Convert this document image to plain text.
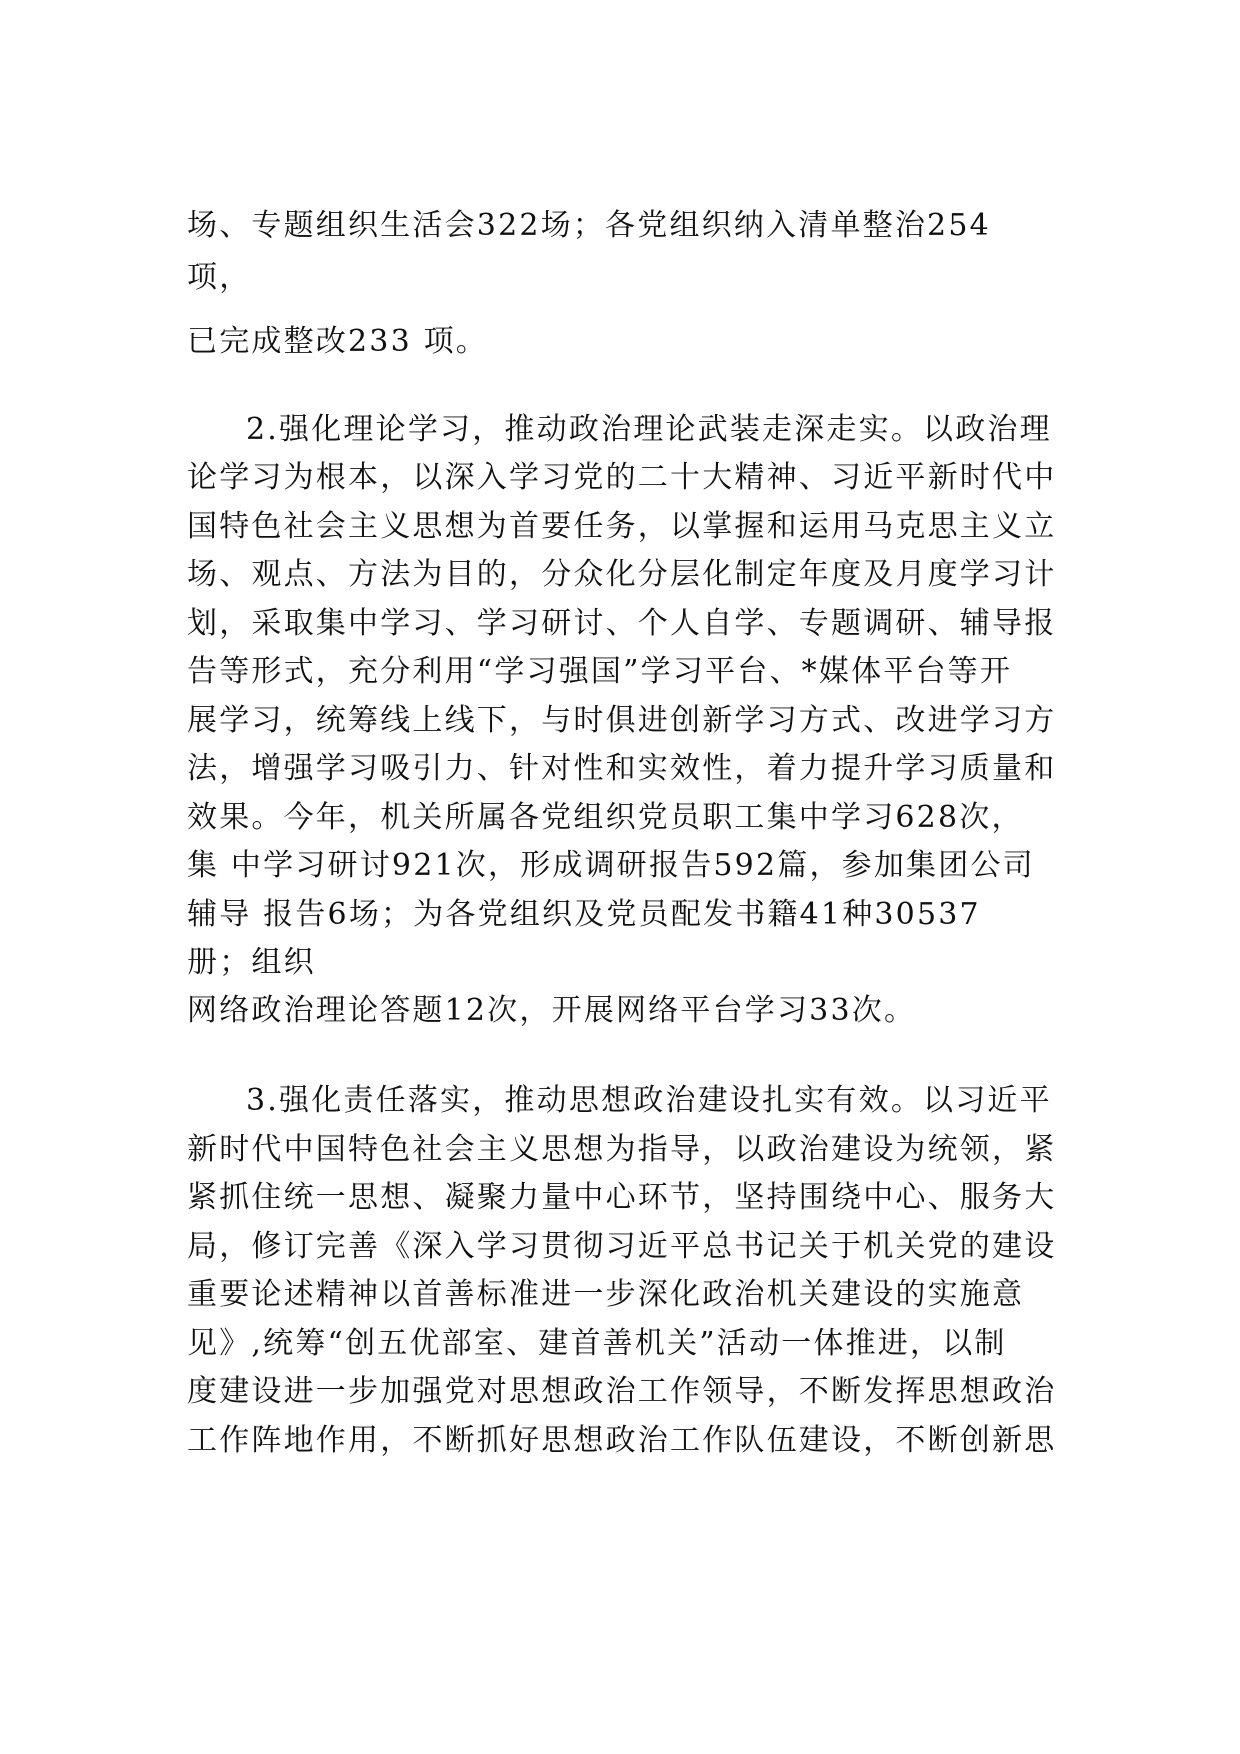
场、专题组织生活会322场；各党组织纳入清单整治254
项，
已完成整改233 项。
2.强化理论学习，推动政治理论武装走深走实。以政治理
论学习为根本，以深入学习党的二十大精神、习近平新时代中
国特色社会主义思想为首要任务，以掌握和运用马克思主义立
场、观点、方法为目的，分众化分层化制定年度及月度学习计
划，采取集中学习、学习研讨、个人自学、专题调研、辅导报
告等形式，充分利用“学习强国”学习平台、*媒体平台等开
展学习，统筹线上线下，与时俱进创新学习方式、改进学习方
法，增强学习吸引力、针对性和实效性，着力提升学习质量和
效果。今年，机关所属各党组织党员职工集中学习628次，
集 中学习研讨921次，形成调研报告592篇，参加集团公司
辅导 报告6场；为各党组织及党员配发书籍41种30537
册；组织
网络政治理论答题12次，开展网络平台学习33次。
3.强化责任落实，推动思想政治建设扎实有效。以习近平
新时代中国特色社会主义思想为指导，以政治建设为统领，紧
紧抓住统一思想、凝聚力量中心环节，坚持围绕中心、服务大
局，修订完善《深入学习贯彻习近平总书记关于机关党的建设
重要论述精神以首善标准进一步深化政治机关建设的实施意
见》,统筹“创五优部室、建首善机关”活动一体推进，以制
度建设进一步加强党对思想政治工作领导，不断发挥思想政治
工作阵地作用，不断抓好思想政治工作队伍建设，不断创新思
